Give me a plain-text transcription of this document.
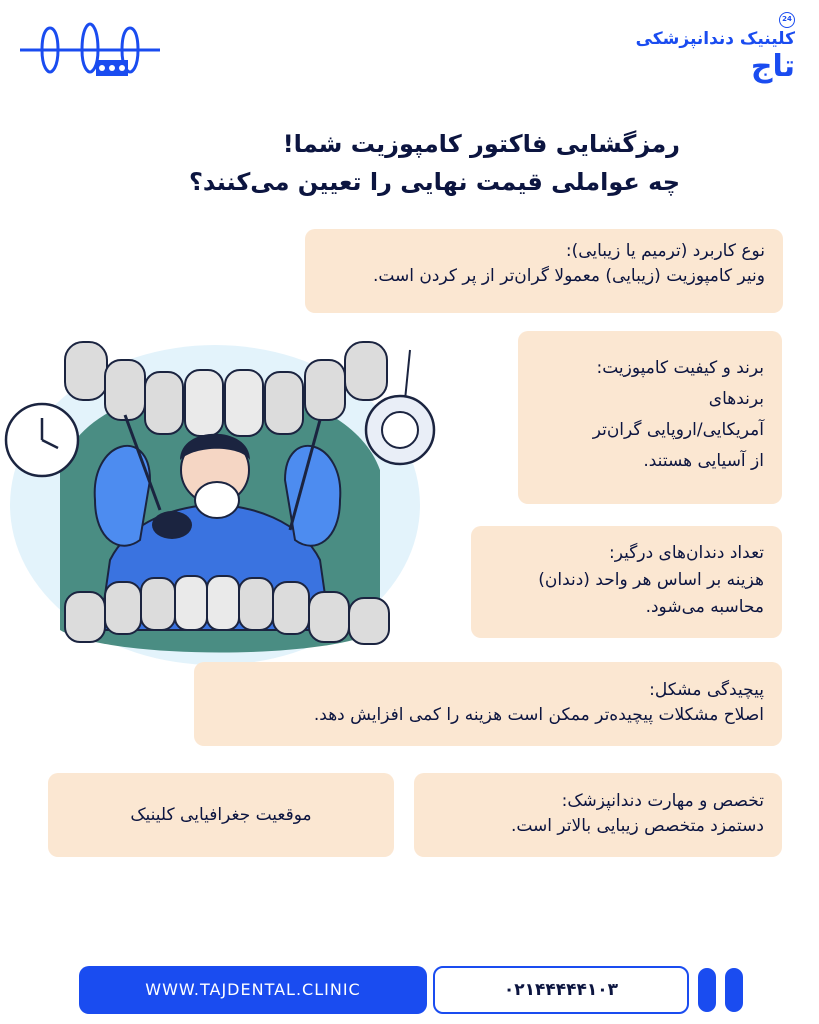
24
کلینیک دندانپزشکی
تاج
رمزگشایی فاکتور کامپوزیت شما!
چه عواملی قیمت نهایی را تعیین می‌کنند؟
نوع کاربرد (ترمیم یا زیبایی):
ونیر کامپوزیت (زیبایی) معمولا گران‌تر از پر کردن است.
برند و کیفیت کامپوزیت:
برندهای
آمریکایی/اروپایی گران‌تر
از آسیایی هستند.
تعداد دندان‌های درگیر:
هزینه بر اساس هر واحد (دندان)
محاسبه می‌شود.
پیچیدگی مشکل:
اصلاح مشکلات پیچیده‌تر ممکن است هزینه را کمی افزایش دهد.
تخصص و مهارت دندانپزشک:
دستمزد متخصص زیبایی بالاتر است.
موقعیت جغرافیایی کلینیک
WWW.TAJDENTAL.CLINIC	۰۲۱۴۴۴۴۴۱۰۳
